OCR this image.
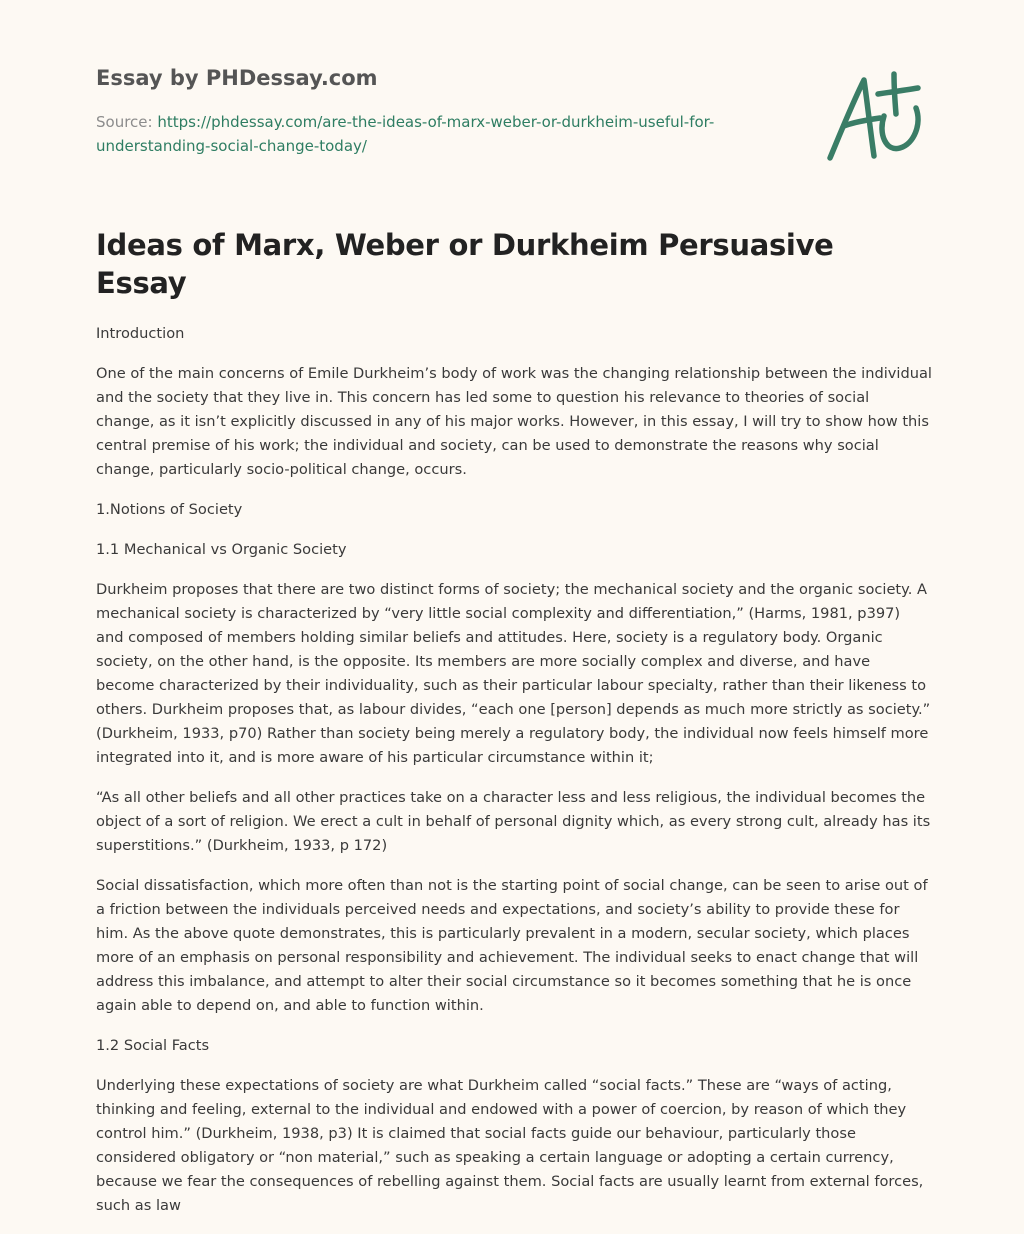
Essay by PHDessay.com
Source: https://phdessay.com/are-the-ideas-of-marx-weber-or-durkheim-useful-for-understanding-social-change-today/
Ideas of Marx, Weber or Durkheim Persuasive Essay

Introduction

One of the main concerns of Emile Durkheim’s body of work was the changing relationship between the individual and the society that they live in. This concern has led some to question his relevance to theories of social change, as it isn’t explicitly discussed in any of his major works. However, in this essay, I will try to show how this central premise of his work; the individual and society, can be used to demonstrate the reasons why social change, particularly socio-political change, occurs.

1.Notions of Society

1.1 Mechanical vs Organic Society

Durkheim proposes that there are two distinct forms of society; the mechanical society and the organic society. A mechanical society is characterized by “very little social complexity and differentiation,” (Harms, 1981, p397) and composed of members holding similar beliefs and attitudes. Here, society is a regulatory body. Organic society, on the other hand, is the opposite. Its members are more socially complex and diverse, and have become characterized by their individuality, such as their particular labour specialty, rather than their likeness to others. Durkheim proposes that, as labour divides, “each one [person] depends as much more strictly as society.” (Durkheim, 1933, p70) Rather than society being merely a regulatory body, the individual now feels himself more integrated into it, and is more aware of his particular circumstance within it;

“As all other beliefs and all other practices take on a character less and less religious, the individual becomes the object of a sort of religion. We erect a cult in behalf of personal dignity which, as every strong cult, already has its superstitions.” (Durkheim, 1933, p 172)

Social dissatisfaction, which more often than not is the starting point of social change, can be seen to arise out of a friction between the individuals perceived needs and expectations, and society’s ability to provide these for him. As the above quote demonstrates, this is particularly prevalent in a modern, secular society, which places more of an emphasis on personal responsibility and achievement. The individual seeks to enact change that will address this imbalance, and attempt to alter their social circumstance so it becomes something that he is once again able to depend on, and able to function within.

1.2 Social Facts

Underlying these expectations of society are what Durkheim called “social facts.” These are “ways of acting, thinking and feeling, external to the individual and endowed with a power of coercion, by reason of which they control him.” (Durkheim, 1938, p3) It is claimed that social facts guide our behaviour, particularly those considered obligatory or “non material,” such as speaking a certain language or adopting a certain currency, because we fear the consequences of rebelling against them. Social facts are usually learnt from external forces, such as law
